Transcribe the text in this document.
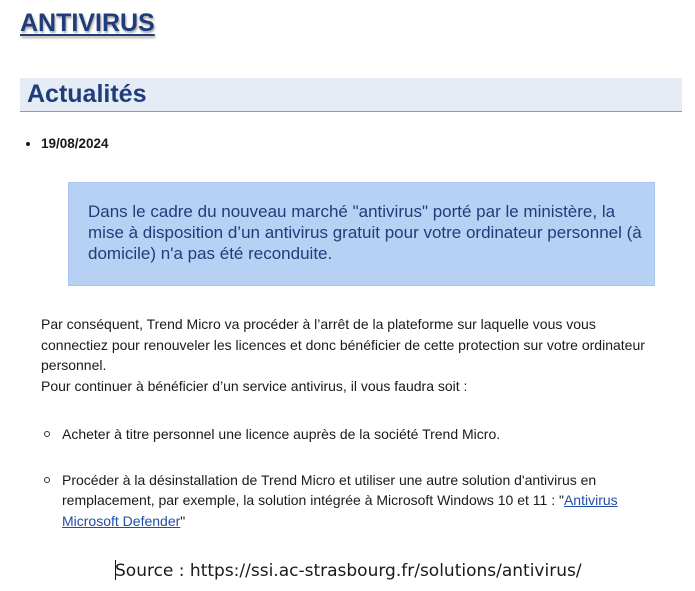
ANTIVIRUS
Actualités
19/08/2024

Dans le cadre du nouveau marché "antivirus" porté par le ministère, la mise à disposition d’un antivirus gratuit pour votre ordinateur personnel (à domicile) n'a pas été reconduite.

Par conséquent, Trend Micro va procéder à l’arrêt de la plateforme sur laquelle vous vous connectiez pour renouveler les licences et donc bénéficier de cette protection sur votre ordinateur personnel.
Pour continuer à bénéficier d’un service antivirus, il vous faudra soit :

Acheter à titre personnel une licence auprès de la société Trend Micro.
Procéder à la désinstallation de Trend Micro et utiliser une autre solution d'antivirus en remplacement, par exemple, la solution intégrée à Microsoft Windows 10 et 11 : "Antivirus Microsoft Defender"

Source : https://ssi.ac-strasbourg.fr/solutions/antivirus/
